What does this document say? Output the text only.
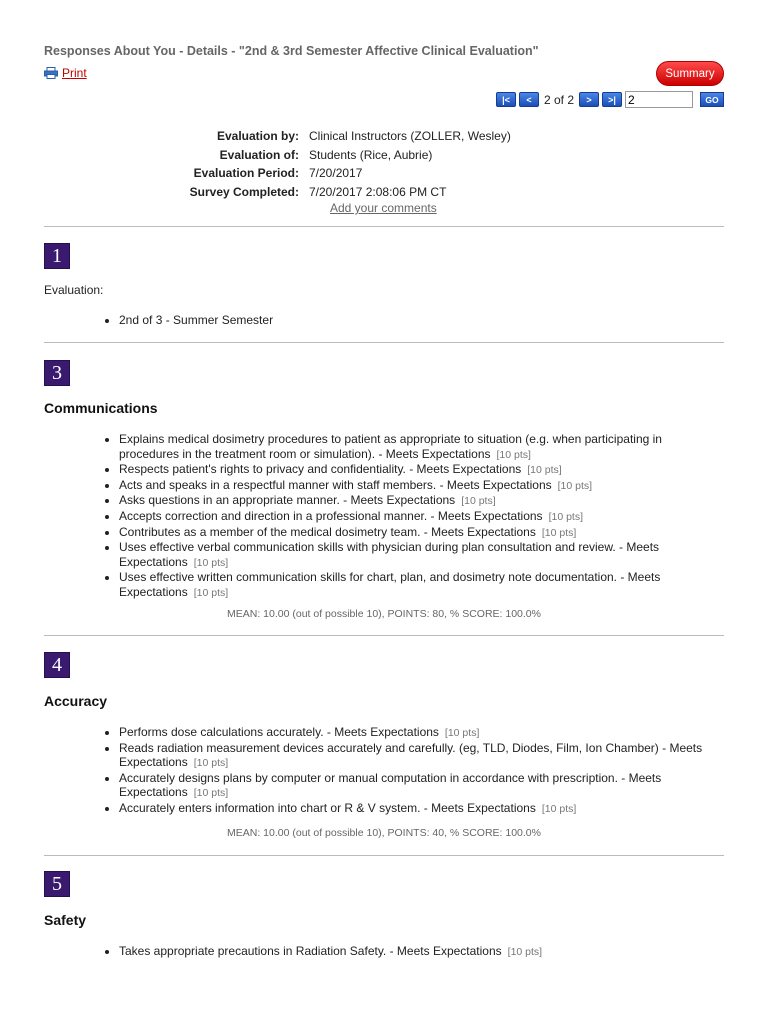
Responses About You - Details - "2nd & 3rd Semester Affective Clinical Evaluation"
Print	Summary
|<	<	2 of 2	>	>|
2	GO
Evaluation by: Clinical Instructors (ZOLLER, Wesley)
Evaluation of: Students (Rice, Aubrie)
Evaluation Period: 7/20/2017
Survey Completed: 7/20/2017 2:08:06 PM CT
Add your comments
1
Evaluation:
• 2nd of 3 - Summer Semester
3
Communications
• Explains medical dosimetry procedures to patient as appropriate to situation (e.g. when participating in procedures in the treatment room or simulation). - Meets Expectations [10 pts]
• Respects patient's rights to privacy and confidentiality. - Meets Expectations [10 pts]
• Acts and speaks in a respectful manner with staff members. - Meets Expectations [10 pts]
• Asks questions in an appropriate manner. - Meets Expectations [10 pts]
• Accepts correction and direction in a professional manner. - Meets Expectations [10 pts]
• Contributes as a member of the medical dosimetry team. - Meets Expectations [10 pts]
• Uses effective verbal communication skills with physician during plan consultation and review. - Meets Expectations [10 pts]
• Uses effective written communication skills for chart, plan, and dosimetry note documentation. - Meets Expectations [10 pts]
MEAN: 10.00 (out of possible 10), POINTS: 80, % SCORE: 100.0%
4
Accuracy
• Performs dose calculations accurately. - Meets Expectations [10 pts]
• Reads radiation measurement devices accurately and carefully. (eg, TLD, Diodes, Film, Ion Chamber) - Meets Expectations [10 pts]
• Accurately designs plans by computer or manual computation in accordance with prescription. - Meets Expectations [10 pts]
• Accurately enters information into chart or R & V system. - Meets Expectations [10 pts]
MEAN: 10.00 (out of possible 10), POINTS: 40, % SCORE: 100.0%
5
Safety
• Takes appropriate precautions in Radiation Safety. - Meets Expectations [10 pts]
